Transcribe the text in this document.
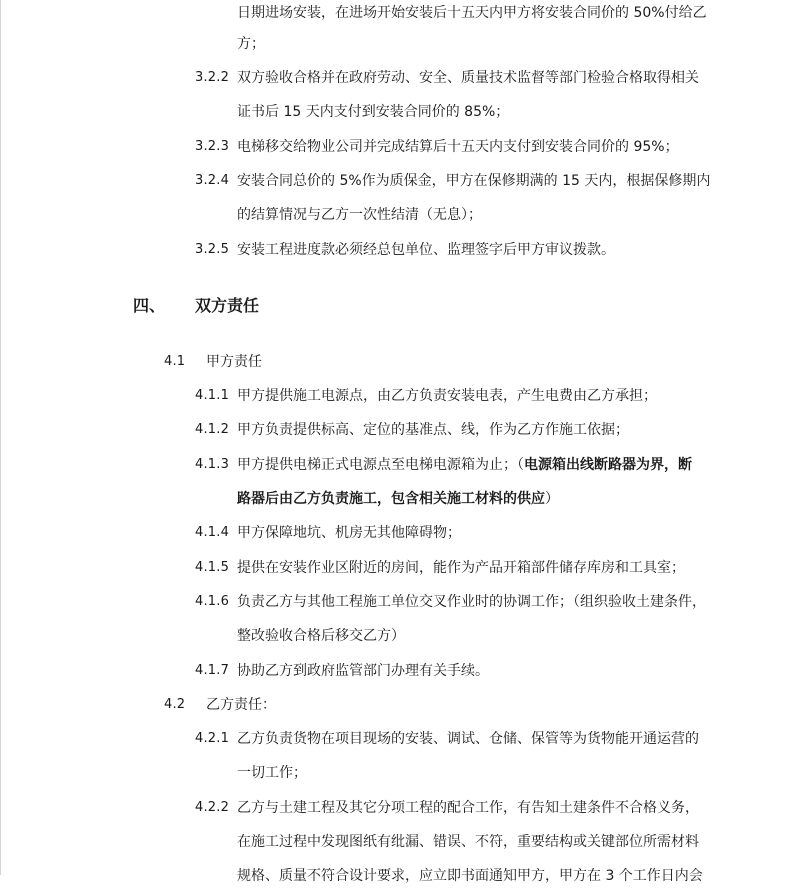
日期进场安装，在进场开始安装后十五天内甲方将安装合同价的 50%付给乙
方；
3.2.2 双方验收合格并在政府劳动、安全、质量技术监督等部门检验合格取得相关
证书后 15 天内支付到安装合同价的 85%；
3.2.3 电梯移交给物业公司并完成结算后十五天内支付到安装合同价的 95%；
3.2.4 安装合同总价的 5%作为质保金，甲方在保修期满的 15 天内，根据保修期内
的结算情况与乙方一次性结清（无息）；
3.2.5 安装工程进度款必须经总包单位、监理签字后甲方审议拨款。
四、 双方责任
4.1 甲方责任
4.1.1 甲方提供施工电源点，由乙方负责安装电表，产生电费由乙方承担；
4.1.2 甲方负责提供标高、定位的基准点、线，作为乙方作施工依据；
4.1.3 甲方提供电梯正式电源点至电梯电源箱为止；（电源箱出线断路器为界，断
路器后由乙方负责施工，包含相关施工材料的供应）
4.1.4 甲方保障地坑、机房无其他障碍物；
4.1.5 提供在安装作业区附近的房间，能作为产品开箱部件储存库房和工具室；
4.1.6 负责乙方与其他工程施工单位交叉作业时的协调工作；（组织验收土建条件，
整改验收合格后移交乙方）
4.1.7 协助乙方到政府监管部门办理有关手续。
4.2 乙方责任：
4.2.1 乙方负责货物在项目现场的安装、调试、仓储、保管等为货物能开通运营的
一切工作；
4.2.2 乙方与土建工程及其它分项工程的配合工作，有告知土建条件不合格义务，
在施工过程中发现图纸有纰漏、错误、不符，重要结构或关键部位所需材料
规格、质量不符合设计要求，应立即书面通知甲方，甲方在 3 个工作日内会
